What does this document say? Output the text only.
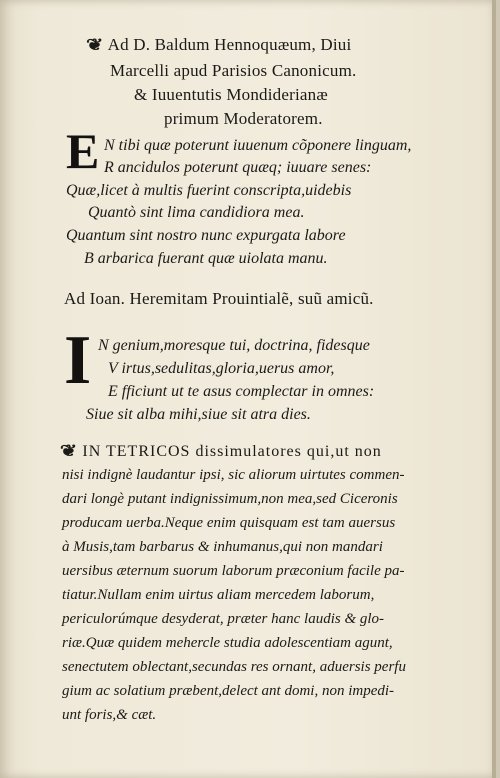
❦ Ad D. Baldum Hennoquæum, Diui
Marcelli apud Parisios Canonicum.
& Iuuentutis Mondiderianæ
primum Moderatorem.
E N tibi quæ poterunt iuuenum cõponere linguam,
R ancidulos poterunt quæq; iuuare senes:
Quæ,licet à multis fuerint conscripta,uidebis
Quantò sint lima candidiora mea.
Quantum sint nostro nunc expurgata labore
B arbarica fuerant quæ uiolata manu.
Ad Ioan. Heremitam Prouintialẽ, suũ amicũ.
I N genium,moresque tui, doctrina, fidesque
V irtus,sedulitas,gloria,uerus amor,
E fficiunt ut te asus complectar in omnes:
Siue sit alba mihi,siue sit atra dies.
❦ IN TETRICOS dissimulatores qui,ut non
nisi indignè laudantur ipsi, sic aliorum uirtutes commen-
dari longè putant indignissimum,non mea,sed Ciceronis
producam uerba.Neque enim quisquam est tam auersus
à Musis,tam barbarus & inhumanus,qui non mandari
uersibus æternum suorum laborum præconium facile pa-
tiatur.Nullam enim uirtus aliam mercedem laborum,
periculorúmque desyderat, præter hanc laudis & glo-
riæ.Quæ quidem mehercle studia adolescentiam agunt,
senectutem oblectant,secundas res ornant, aduersis perfu
gium ac solatium præbent,delect ant domi, non impedi-
unt foris,& cæt.
